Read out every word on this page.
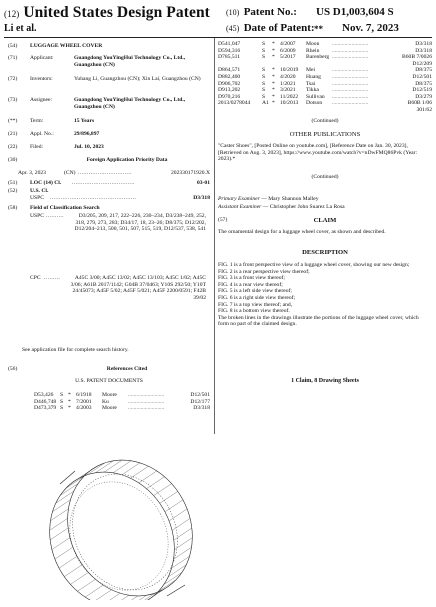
(12) United States Design Patent
Li et al.
(10) Patent No.: US D1,003,604 S
(45) Date of Patent: ** Nov. 7, 2023
(54)	LUGGAGE WHEEL COVER
(71)	Applicant:	Guangdong YouYingHui Technology Co., Ltd., Guangzhou (CN)
(72)	Inventors:	Yuhang Li, Guangzhou (CN); Xin Lai, Guangzhou (CN)
(73)	Assignee:	Guangdong YouYingHui Technology Co., Ltd., Guangzhou (CN)
(**)	Term:	15 Years
(21)	Appl. No.:	29/896,897
(22)	Filed:	Jul. 10, 2023
(30)	Foreign Application Priority Data
Apr. 3, 2023	(CN) ..............................	202330171920.X
(51)	LOC (14) Cl.	...................................	03-01
(52)	U.S. Cl.
USPC ................................................	D3/318
(58)	Field of Classification Search
USPC ..........	D3/205, 209, 217, 222–226, 230–234, D3/238–249, 252, 318, 279, 273, 283; D34/17, 18, 23–26; D8/375; D12/202, D12/204–213, 500, 501, 507, 515, 519, D12/537, 538, 541
CPC .........	A45C 3/00; A45C 13/02; A45C 13/103; A45C 1/02; A45C 3/06; A61B 2017/1142; G04B 37/0463; Y10S 292/50; Y10T 24/45073; A45F 5/02; A45F 5/021; A45F 2200/0591; F42B 39/02
See application file for complete search history.
(56)	References Cited
U.S. PATENT DOCUMENTS
D53,426 S * 6/1918 Moore	D12/501
..........................
D446,748 S * 7/2001 Ku	D12/177
..........................
D473,379 S * 4/2003 Moore	D3/318
..........................
D541,047	S * 4/2007 Moon	D3/318
..........................
D594,316	S * 6/2009 Rhein	D3/318
..........................
D785,511	S * 5/2017 Barenberg	B60B 7/0026
..........................
D12/209
D864,571	S * 10/2019 Mei	D8/375
..........................
D882,400	S * 4/2020 Huang	D12/501
..........................
D906,702	S * 1/2021 Tsai	D8/375
..........................
D913,202	S * 3/2021 Tikka	D12/519
..........................
D970,216	S * 11/2022 Sullivan	D3/279
..........................
2013/0278044 A1 * 10/2013 Dotson	B60B 1/06
..........................
301/62
(Continued)
OTHER PUBLICATIONS
"Caster Shoes", [Posted Online on youtube.com], [Reference Date on Jan. 30, 2023], [Retrieved on Aug. 3, 2023], https://www.youtube.com/watch?v=nDwFMQ86Pvk (Year: 2023).*
(Continued)
Primary Examiner — Mary Shannon Malley
Assistant Examiner — Christopher John Suarez La Rosa
(57)	CLAIM
The ornamental design for a luggage wheel cover, as shown and described.
DESCRIPTION
FIG. 1 is a front perspective view of a luggage wheel cover, showing our new design;
FIG. 2 is a rear perspective view thereof;
FIG. 3 is a front view thereof;
FIG. 4 is a rear view thereof;
FIG. 5 is a left side view thereof;
FIG. 6 is a right side view thereof;
FIG. 7 is a top view thereof; and,
FIG. 8 is a bottom view thereof.
The broken lines in the drawings illustrate the portions of the luggage wheel cover, which form no part of the claimed design.
1 Claim, 8 Drawing Sheets
